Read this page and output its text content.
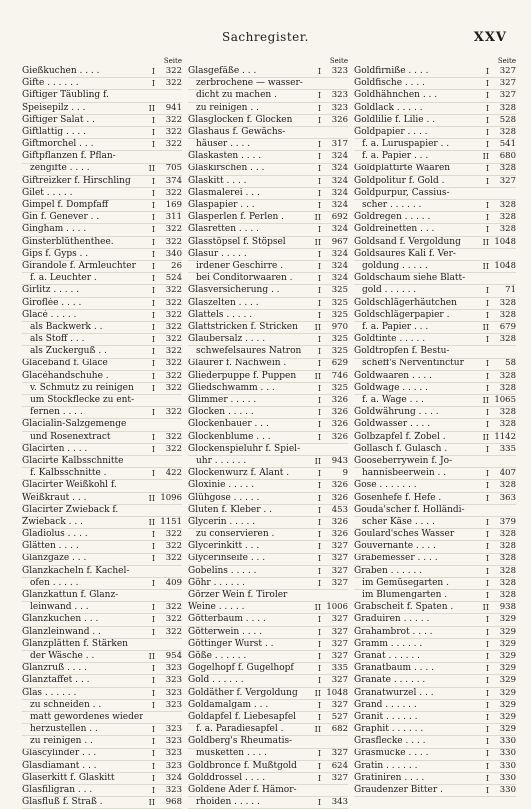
Sachregister.	XXV
Seite
Gießkuchen . . . .	I	322
Gifte . . . . . .	I	322
Giftiger Täubling f.
Speisepilz . . .	II	941
Giftiger Salat . .	I	322
Giftlattig . . . .	I	322
Giftmorchel . . .	I	322
Giftpflanzen f. Pflan-
zengifte . . . .	II	705
Giftreizker f. Hirschling	I	374
Gilet . . . . .	I	322
Gimpel f. Dompfaff	I	169
Gin f. Genever . .	I	311
Gingham . . . .	I	322
Ginsterblüthenthee.	I	322
Gips f. Gyps . .	I	340
Girandole f. Armleuchter	I	26
f. a. Leuchter .	I	524
Girlitz . . . . .	I	322
Giroflée . . . .	I	322
Glacé . . . . .	I	322
als Backwerk . .	I	322
als Stoff . . .	I	322
als Zuckerguß . .	I	322
Glacéband f. Glacé	I	322
Glacéhandschuhe .	I	322
v. Schmutz zu reinigen	I	322
um Stockflecke zu ent-
fernen . . . .	I	322
Glacialin-Salzgemenge
und Rosenextract	I	322
Glacirten . . . .	I	322
Glacirte Kalbsschnitte
f. Kalbsschnitte .	I	422
Glacirter Weißkohl f.
Weißkraut . . .	II 1096
Glacirter Zwieback f.
Zwieback . . .	II 1151
Gladiolus . . . .	I	322
Glätten . . . .	I	322
Glanzgaze . . .	I	322
Glanzkacheln f. Kachel-
ofen . . . . .	I	409
Glanzkattun f. Glanz-
leinwand . . .	I	322
Glanzkuchen . . .	I	322
Glanzleinwand . .	I	322
Glanzplätten f. Stärken
der Wäsche . .	II	954
Glanzruß . . . .	I	323
Glanztaffet . . .	I	323
Glas . . . . . .	I	323
zu schneiden . .	I	323
matt gewordenes wieder
herzustellen . .	I	323
zu reinigen . .	I	323
Glascylinder . . .	I	323
Glasdiamant . . .	I	323
Glaserkitt f. Glaskitt	I	324
Glasfiligran . . .	I	323
Glasfluß f. Straß .	II	968
Seite
Glasgefäße . . .	I	323
zerbrochene — wasser-
dicht zu machen .	I	323
zu reinigen . .	I	323
Glasglocken f. Glocken	I	326
Glashaus f. Gewächs-
häuser . . . .	I	317
Glaskasten . . . .	I	324
Glaskirschen . . .	I	324
Glaskitt . . . .	I	324
Glasmalerei . . .	I	324
Glaspapier . . .	I	324
Glasperlen f. Perlen .	II	692
Glasretten . . . .	I	324
Glasstöpsel f. Stöpsel	II	967
Glasur . . . . .	I	324
irdener Geschirre .	I	324
bei Conditorwaaren .	I	324
Glasversicherung . .	I	325
Glaszelten . . . .	I	325
Glattels . . . . .	I	325
Glattstricken f. Stricken	II	970
Glaubersalz . . . .	I	325
schwefelsaures Natron	I	325
Glaurer f. Nachwein .	I	629
Gliederpuppe f. Puppen	II	746
Gliedschwamm . . .	I	325
Glimmer . . . . .	I	326
Glocken . . . . .	I	326
Glockenbauer . . .	I	326
Glockenblume . . .	I	326
Glockenspieluhr f. Spiel-
uhr . . . . . .	II	943
Glockenwurz f. Alant .	I	9
Gloxinie . . . . .	I	326
Glühgose . . . . .	I	326
Gluten f. Kleber . .	I	453
Glycerin . . . . .	I	326
zu conservieren .	I	326
Glycerinkitt . . .	I	327
Glycerinseife . . .	I	327
Gobelins . . . . .	I	327
Göhr . . . . . .	I	327
Görzer Wein f. Tiroler
Weine . . . . .	II 1006
Götterbaum . . . .	I	327
Götterwein . . . .	I	327
Göttinger Wurst . .	I	327
Göße . . . . . .	I	327
Gogelhopf f. Gugelhopf	I	335
Gold . . . . . .	I	327
Goldäther f. Vergoldung	II 1048
Goldamalgam . . .	I	327
Goldapfel f. Liebesapfel	I	527
f. a. Paradiesapfel .	II	682
Goldberg's Rheumatis-
musketten . . . .	I	327
Goldbronce f. Mußtgold	I	624
Golddrossel . . . .	I	327
Goldene Ader f. Hämor-
rhoiden . . . . .	I	343
Seite
Goldfirniße . . . .	I	327
Goldfische . . . .	I	327
Goldhähnchen . . .	I	327
Goldlack . . . . .	I	328
Goldlilie f. Lilie . .	I	528
Goldpapier . . . .	I	328
f. a. Luruspapier . .	I	541
f. a. Papier . . .	II	680
Goldplattirte Waaren	I	328
Goldpolitur f. Gold .	I	327
Goldpurpur, Cassius-
scher . . . . . .	I	328
Goldregen . . . . .	I	328
Goldreinetten . . .	I	328
Goldsand f. Vergoldung	II 1048
Goldsaures Kali f. Ver-
goldung . . . . .	II 1048
Goldschaum siehe Blatt-
gold . . . . . .	I	71
Goldschlägerhäutchen	I	328
Goldschlägerpapier .	I	328
f. a. Papier . . .	II	679
Goldtinte . . . . .	I	328
Goldtropfen f. Bestu-
scheff's Nerventinctur	I	58
Goldwaaren . . . .	I	328
Goldwage . . . . .	I	328
f. a. Wage . . .	II 1065
Goldwährung . . . .	I	328
Goldwasser . . . .	I	328
Golbzapfel f. Zobel .	II 1142
Gollasch f. Gulasch .	I	335
Gooseberrywein f. Jo-
hannisbeerwein . .	I	407
Gose . . . . . . .	I	328
Gosenhefe f. Hefe .	I	363
Gouda'scher f. Holländi-
scher Käse . . . .	I	379
Goulard'sches Wasser	I	328
Gouvernante . . . .	I	328
Grabemesser . . . .	I	328
Graben . . . . . .	I	328
im Gemüsegarten .	I	328
im Blumengarten .	I	328
Grabscheit f. Spaten .	II	938
Graduiren . . . . .	I	329
Grahambrot . . . .	I	329
Gramm . . . . . .	I	329
Granat . . . . . .	I	329
Granatbaum . . . .	I	329
Granate . . . . . .	I	329
Granatwurzel . . .	I	329
Grand . . . . . .	I	329
Granit . . . . . .	I	329
Graphit . . . . . .	I	329
Grasflecke . . . .	I	330
Grasmücke . . . .	I	330
Gratin . . . . . .	I	330
Gratiniren . . . .	I	330
Graudenzer Bitter .	I	330
